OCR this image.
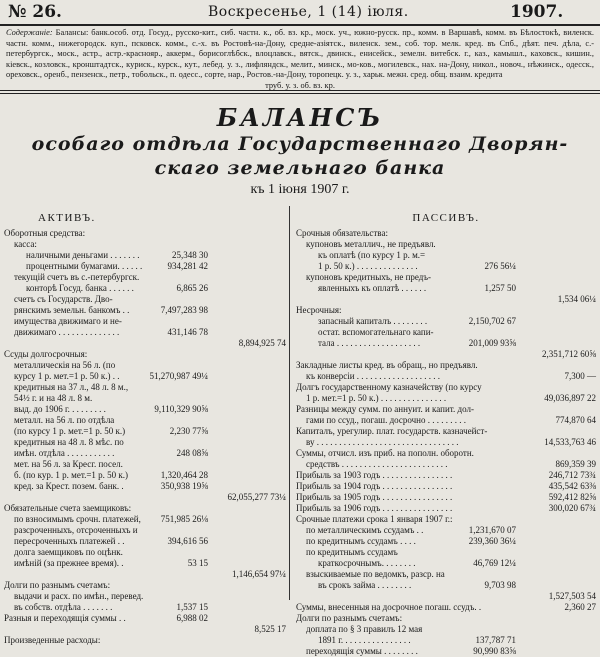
№ 26.	Воскресенье, 1 (14) іюля.	1907.
Содержаніе: Балансы: банк.особ. отд. Госуд., русско-кит., сиб. частн. к., об. вз. кр., моск. уч., южно-русск. пр., комм. в Варшавѣ, комм. въ Бѣлостокѣ, виленск. частн. комм., нижегородск. куп., псковск. комм., с.-х. въ Ростовѣ-на-Дону, средне-азіятск., виленск. зем., соб. тор. мелк. кред. въ Спб., дѣят. печ. дѣла, с.-петербургск., моск., астр., астр.-краснояр., аккерм., борисоглѣбск., влоцлавск., вятск., двинск., енисейск., земелн. витебск. г., каз., камышл., каховск., кишин., кіевск., козловск., кронштадтск., куриск., курск., кут., лебед. у. з., лифляндск., мелит., минск., мо-ков., могилевск., нах. на-Дону, никол., новоч., нѣжинск., одесск., ореховск., оренб., пензенск., петр., тобольск., п. одесс., сорте, нар., Ростов.-на-Дону, торопецк. у. з., харьк. межн. сред. общ. взаим. кредита
труб. у. з. об. вз. кр.
БАЛАНСЪ
особаго отдѣла Государственнаго Дворян-
скаго земельнаго банка
къ 1 іюня 1907 г.
АКТИВЪ.
Оборотныя средства:
касса:
наличными деньгами . . . . . . .	25,348 30
процентными бумагами. . . . . .	934,281 42
текущій счетъ въ с.-петербургск.
конторѣ Госуд. банка . . . . . .	6,865 26
счетъ съ Государств. Дво-
рянскимъ земельн. банкомъ . .	7,497,283 98
имущества движимаго и не-
движимаго . . . . . . . . . . . . . .	431,146 78
8,894,925 74
Ссуды долгосрочныя:
металлическія на 56 л. (по
курсу 1 р. мет.=1 р. 50 к.) . .	51,270,987 49¼
кредитныя на 37 л., 48 л. 8 м.,
54½ г. и на 48 л. 8 м.
выд. до 1906 г. . . . . . . . .	9,110,329 90⅝
металл. на 56 л. по отдѣла
(по курсу 1 р. мет.=1 р. 50 к.)	2,230 77⅝
кредитныя на 48 л. 8 мѣс. по
имѣн. отдѣла . . . . . . . . . . .	248 08⅝
мет. на 56 л. за Кресг. посел.
б. (по кур. 1 р. мет.=1 р. 50 к.)	1,320,464 28
кред. за Крест. позем. банк. .	350,938 19⅝
62,055,277 73¼
Обязательные счета заемщиковъ:
по взносимымъ срочн. платежей,	751,985 26⅛
разсроченныхъ, отсроченныхъ и
пересроченныхъ платежей . .	394,616 56
долга заемщиковъ по оцѣнк.
имѣній (за прежнее время). .	53 15
1,146,654 97¼
Долги по разнымъ счетамъ:
выдачи и расх. по имѣн., перевед.
въ собств. отдѣла . . . . . . .	1,537 15
Разныя и переходящія суммы . .	6,988 02
8,525 17
Произведенные расходы:
ПАССИВЪ.
Срочныя обязательства:
купоновъ металлич., не предъявл.
къ оплатѣ (по курсу 1 р. м.=
1 р. 50 к.) . . . . . . . . . . . . . .	276 56¼
купоновъ кредитныхъ, не предъ-
явленныхъ къ оплатѣ . . . . . .	1,257 50
1,534 06¼
Несрочныя:
запасный капиталъ . . . . . . . .	2,150,702 67
остат. вспомогательнаго капи-
тала . . . . . . . . . . . . . . . . . . .	201,009 93⅝
2,351,712 60⅝
Закладные листы кред. въ обращ., но предъявл.
къ конверсіи . . . . . . . . . . . . . . . . . . .	7,300 —
Долгъ государственному казначейству (по курсу
1 р. мет.=1 р. 50 к.) . . . . . . . . . . . . . . .	49,036,897 22
Разницы между сумм. по аннуит. и капит. дол-
гами по ссуд., погаш. досрочно . . . . . . . . .	774,870 64
Капиталъ, урегулир. плат. государств. казначейст-
ву . . . . . . . . . . . . . . . . . . . . . . . . . . . . . . . .	14,533,763 46
Суммы, отчисл. изъ приб. на пополн. оборотн.
средствъ . . . . . . . . . . . . . . . . . . . . . . . .	869,359 39
Прибыль за 1903 годъ . . . . . . . . . . . . . . . .	246,712 73¾
Прибыль за 1904 годъ . . . . . . . . . . . . . . . .	435,542 63⅜
Прибыль за 1905 годъ . . . . . . . . . . . . . . . .	592,412 82⅝
Прибыль за 1906 годъ . . . . . . . . . . . . . . . .	300,020 67¾
Срочные платежи срока 1 января 1907 г.:
по металлическимъ ссудамъ . .	1,231,670 07
по кредитнымъ ссудамъ . . . .	239,360 36¼
по кредитнымъ ссудамъ
краткосрочнымъ. . . . . . . .	46,769 12¼
взыскиваемые по ведомкъ, разср. на
въ срокъ займа . . . . . . . .	9,703 98
1,527,503 54
Суммы, внесенныя на досрочное погаш. ссудъ. .	2,360 27
Долги по разнымъ счетамъ:
доплата по § 3 правилъ 12 мая
1891 г. . . . . . . . . . . . . . . .	137,787 71
переходящія суммы . . . . . . . .	90,990 83⅝
